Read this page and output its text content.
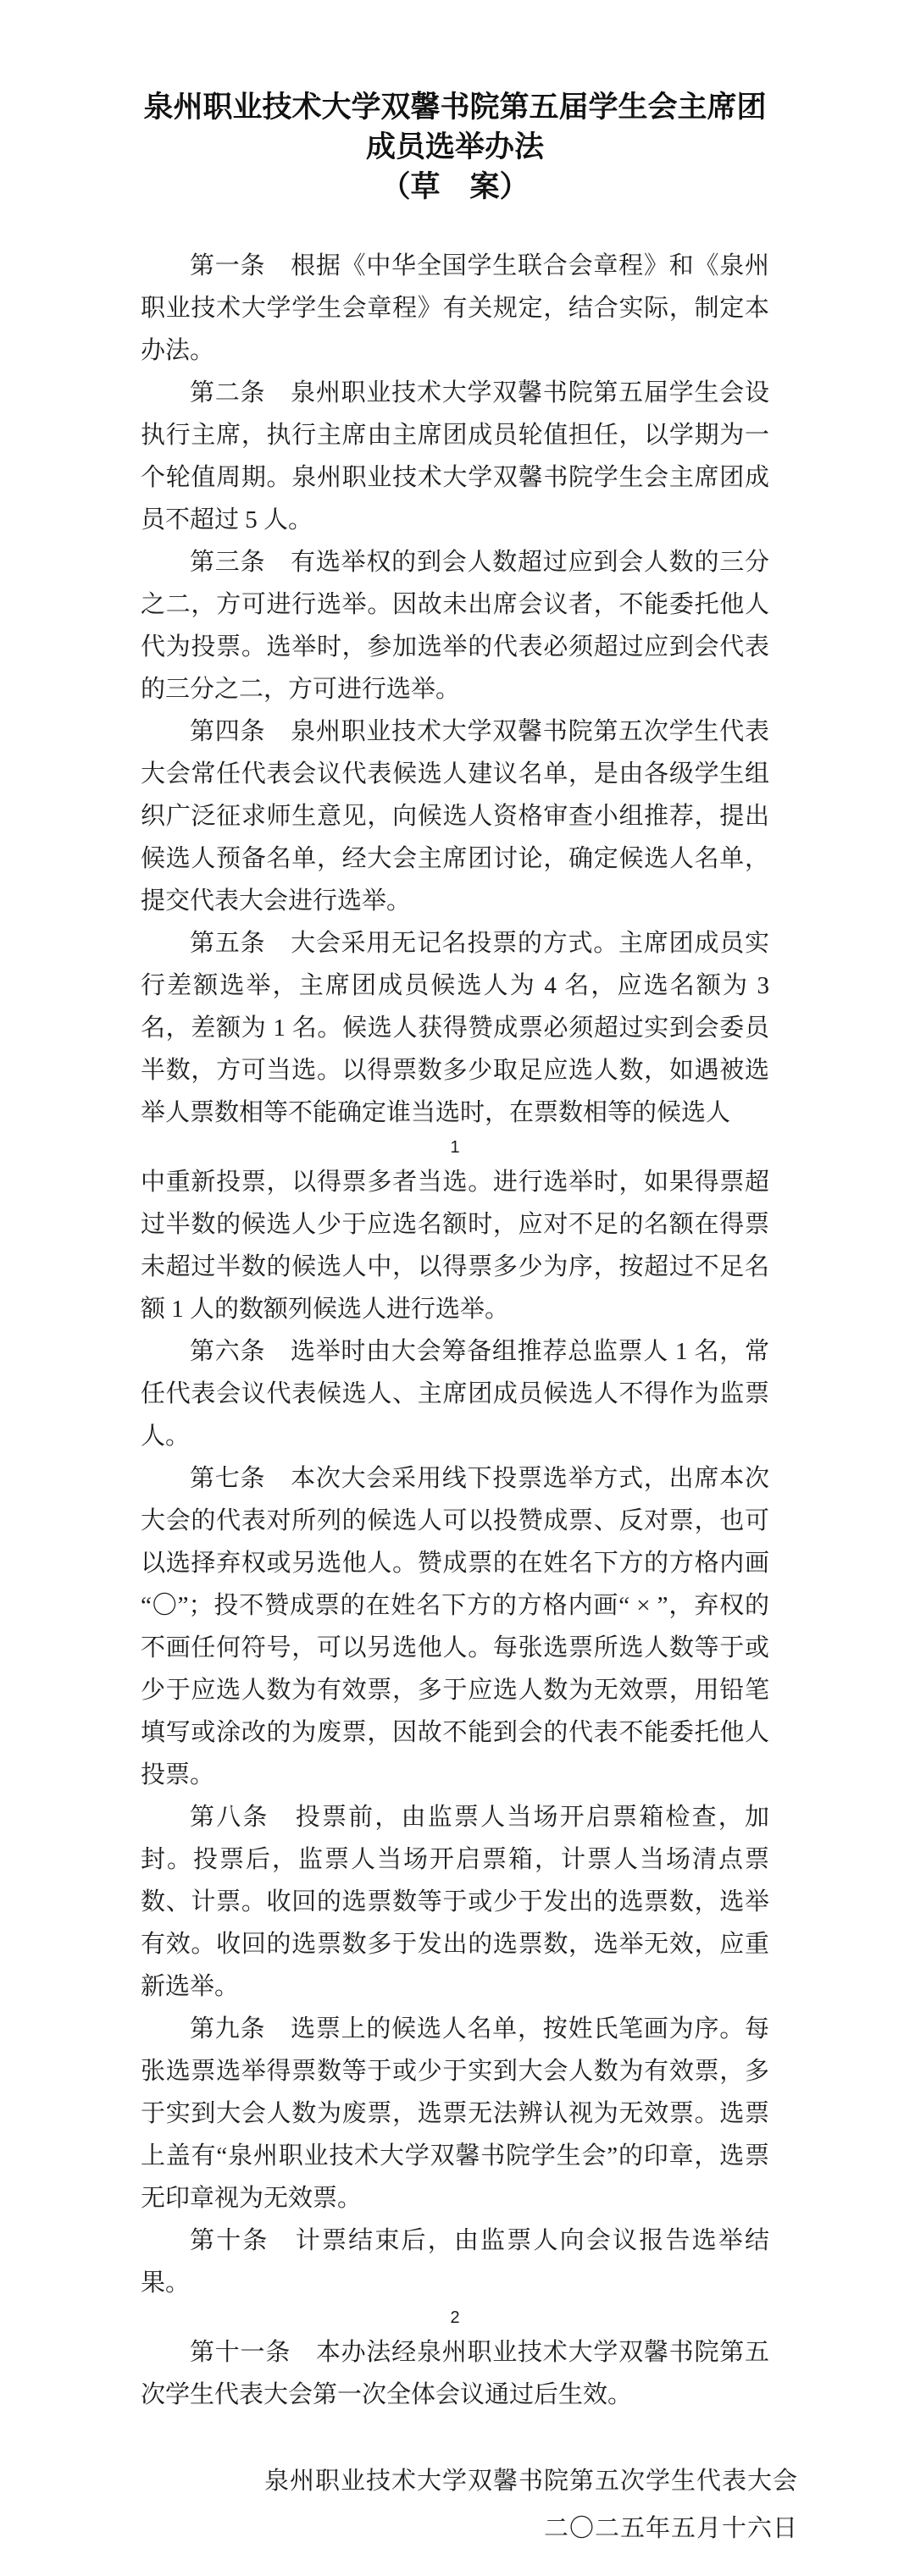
泉州职业技术大学双馨书院第五届学生会主席团
成员选举办法
（草　案）

第一条　根据《中华全国学生联合会章程》和《泉州职业技术大学学生会章程》有关规定，结合实际，制定本办法。

第二条　泉州职业技术大学双馨书院第五届学生会设执行主席，执行主席由主席团成员轮值担任，以学期为一个轮值周期。泉州职业技术大学双馨书院学生会主席团成员不超过 5 人。

第三条　有选举权的到会人数超过应到会人数的三分 之二，方可进行选举。因故未出席会议者，不能委托他人代为投票。选举时，参加选举的代表必须超过应到会代表的三分之二，方可进行选举。

第四条　泉州职业技术大学双馨书院第五次学生代表大会常任代表会议代表候选人建议名单，是由各级学生组织广泛征求师生意见，向候选人资格审查小组推荐，提出候选人预备名单，经大会主席团讨论，确定候选人名单，提交代表大会进行选举。

第五条　大会采用无记名投票的方式。主席团成员实行差额选举，主席团成员候选人为 4 名，应选名额为 3 名，差额为 1 名。候选人获得赞成票必须超过实到会委员半数，方可当选。以得票数多少取足应选人数，如遇被选举人票数相等不能确定谁当选时，在票数相等的候选人

1

中重新投票，以得票多者当选。进行选举时，如果得票超过半数的候选人少于应选名额时，应对不足的名额在得票未超过半数的候选人中，以得票多少为序，按超过不足名额 1 人的数额列候选人进行选举。

第六条　选举时由大会筹备组推荐总监票人 1 名，常任代表会议代表候选人、主席团成员候选人不得作为监票人。

第七条　本次大会采用线下投票选举方式，出席本次大会的代表对所列的候选人可以投赞成票、反对票，也可以选择弃权或另选他人。赞成票的在姓名下方的方格内画“〇”；投不赞成票的在姓名下方的方格内画“ × ”，弃权的不画任何符号，可以另选他人。每张选票所选人数等于或少于应选人数为有效票，多于应选人数为无效票，用铅笔填写或涂改的为废票，因故不能到会的代表不能委托他人投票。

第八条　投票前，由监票人当场开启票箱检查，加封。投票后，监票人当场开启票箱，计票人当场清点票数、计票。收回的选票数等于或少于发出的选票数，选举有效。收回的选票数多于发出的选票数，选举无效，应重新选举。

第九条　选票上的候选人名单，按姓氏笔画为序。每张选票选举得票数等于或少于实到大会人数为有效票，多于实到大会人数为废票，选票无法辨认视为无效票。选票上盖有“泉州职业技术大学双馨书院学生会”的印章，选票无印章视为无效票。

第十条　计票结束后，由监票人向会议报告选举结果。

2

第十一条　本办法经泉州职业技术大学双馨书院第五次学生代表大会第一次全体会议通过后生效。

泉州职业技术大学双馨书院第五次学生代表大会

二〇二五年五月十六日
